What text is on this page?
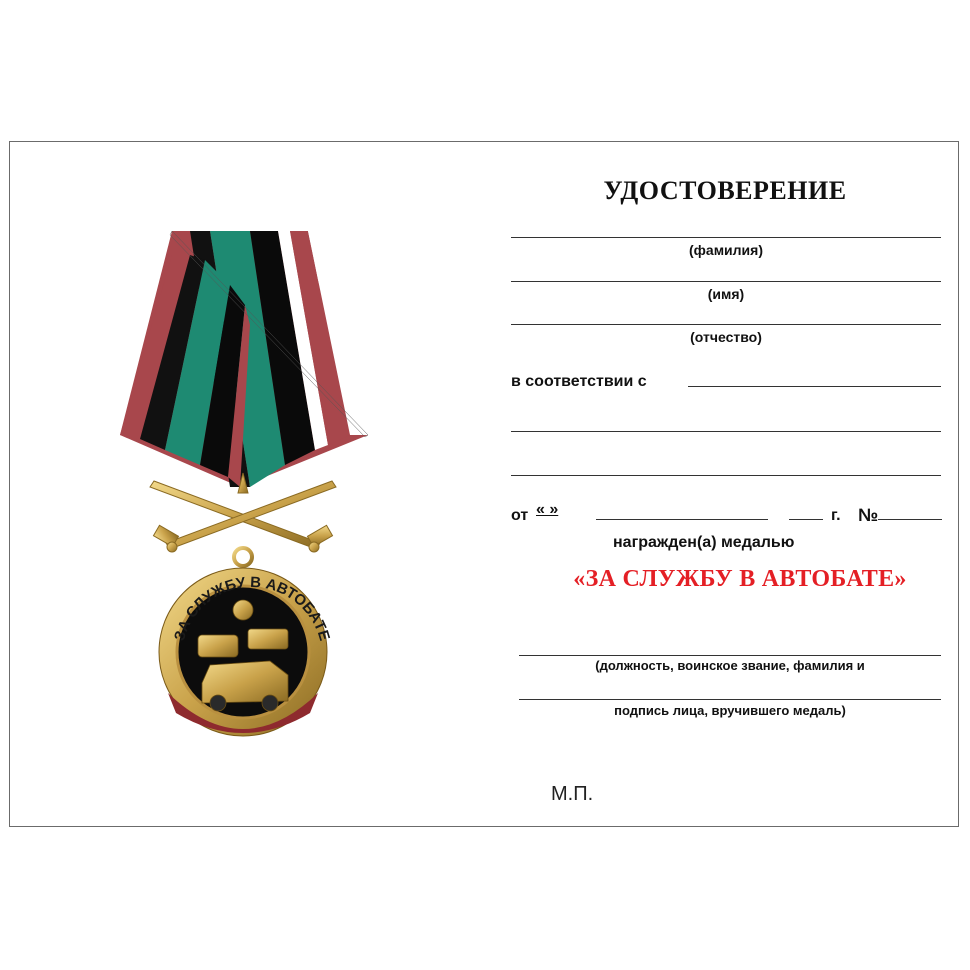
ЗА СЛУЖБУ В АВТОБАТЕ
УДОСТОВЕРЕНИЕ
(фамилия)
(имя)
(отчество)
в соответствии с
от « »	г. №
награжден(а) медалью
«ЗА СЛУЖБУ В АВТОБАТЕ»
(должность, воинское звание, фамилия и
подпись лица, вручившего медаль)
М.П.
